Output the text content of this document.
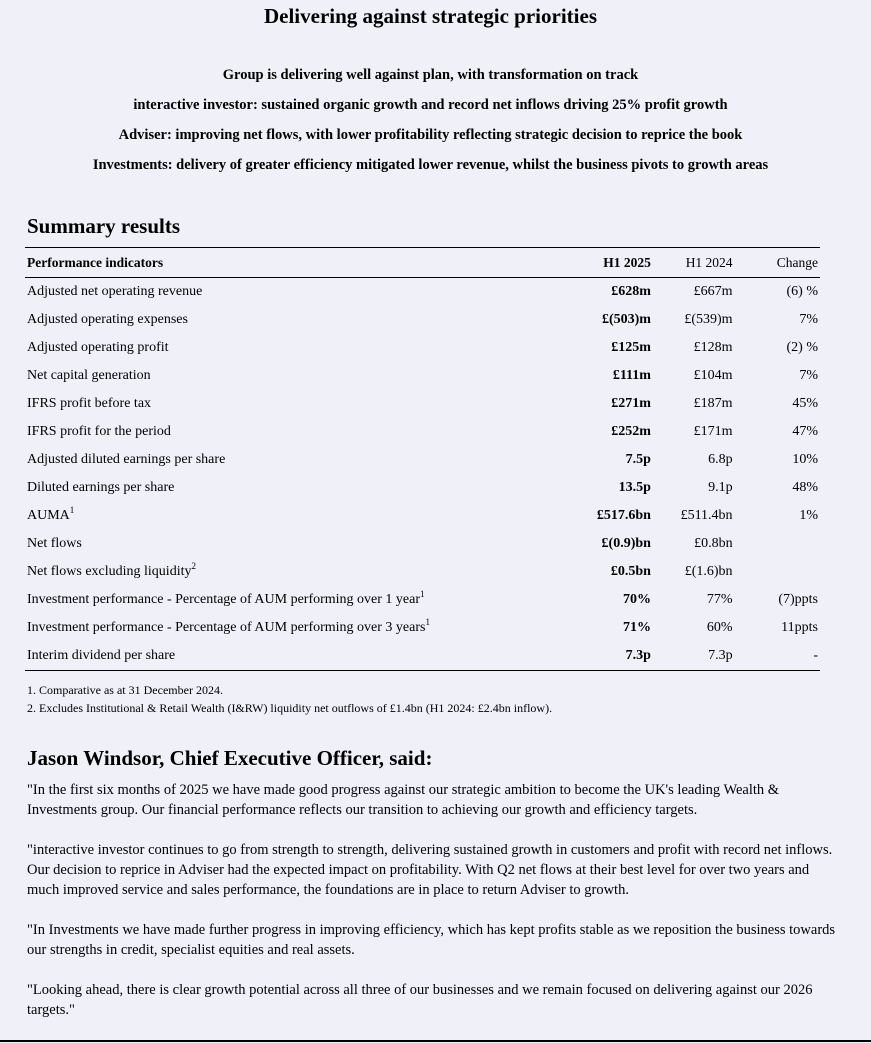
Delivering against strategic priorities
Group is delivering well against plan, with transformation on track
interactive investor: sustained organic growth and record net inflows driving 25% profit growth
Adviser: improving net flows, with lower profitability reflecting strategic decision to reprice the book
Investments: delivery of greater efficiency mitigated lower revenue, whilst the business pivots to growth areas
Summary results
Performance indicators	H1 2025	H1 2024	Change
Adjusted net operating revenue	£628m	£667m	(6) %
Adjusted operating expenses	£(503)m	£(539)m	7%
Adjusted operating profit	£125m	£128m	(2) %
Net capital generation	£111m	£104m	7%
IFRS profit before tax	£271m	£187m	45%
IFRS profit for the period	£252m	£171m	47%
Adjusted diluted earnings per share	7.5p	6.8p	10%
Diluted earnings per share	13.5p	9.1p	48%
AUMA$^1$	£517.6bn	£511.4bn	1%
Net flows	£(0.9)bn	£0.8bn	
Net flows excluding liquidity$^2$	£0.5bn	£(1.6)bn	
Investment performance - Percentage of AUM performing over 1 year$^1$	70%	77%	(7)ppts
Investment performance - Percentage of AUM performing over 3 years$^1$	71%	60%	11ppts
Interim dividend per share	7.3p	7.3p	-
1. Comparative as at 31 December 2024.
2. Excludes Institutional & Retail Wealth (I&RW) liquidity net outflows of £1.4bn (H1 2024: £2.4bn inflow).
Jason Windsor, Chief Executive Officer, said:

"In the first six months of 2025 we have made good progress against our strategic ambition to become the UK's leading Wealth & Investments group. Our financial performance reflects our transition to achieving our growth and efficiency targets.

"interactive investor continues to go from strength to strength, delivering sustained growth in customers and profit with record net inflows. Our decision to reprice in Adviser had the expected impact on profitability. With Q2 net flows at their best level for over two years and much improved service and sales performance, the foundations are in place to return Adviser to growth.

"In Investments we have made further progress in improving efficiency, which has kept profits stable as we reposition the business towards our strengths in credit, specialist equities and real assets.

"Looking ahead, there is clear growth potential across all three of our businesses and we remain focused on delivering against our 2026 targets."
